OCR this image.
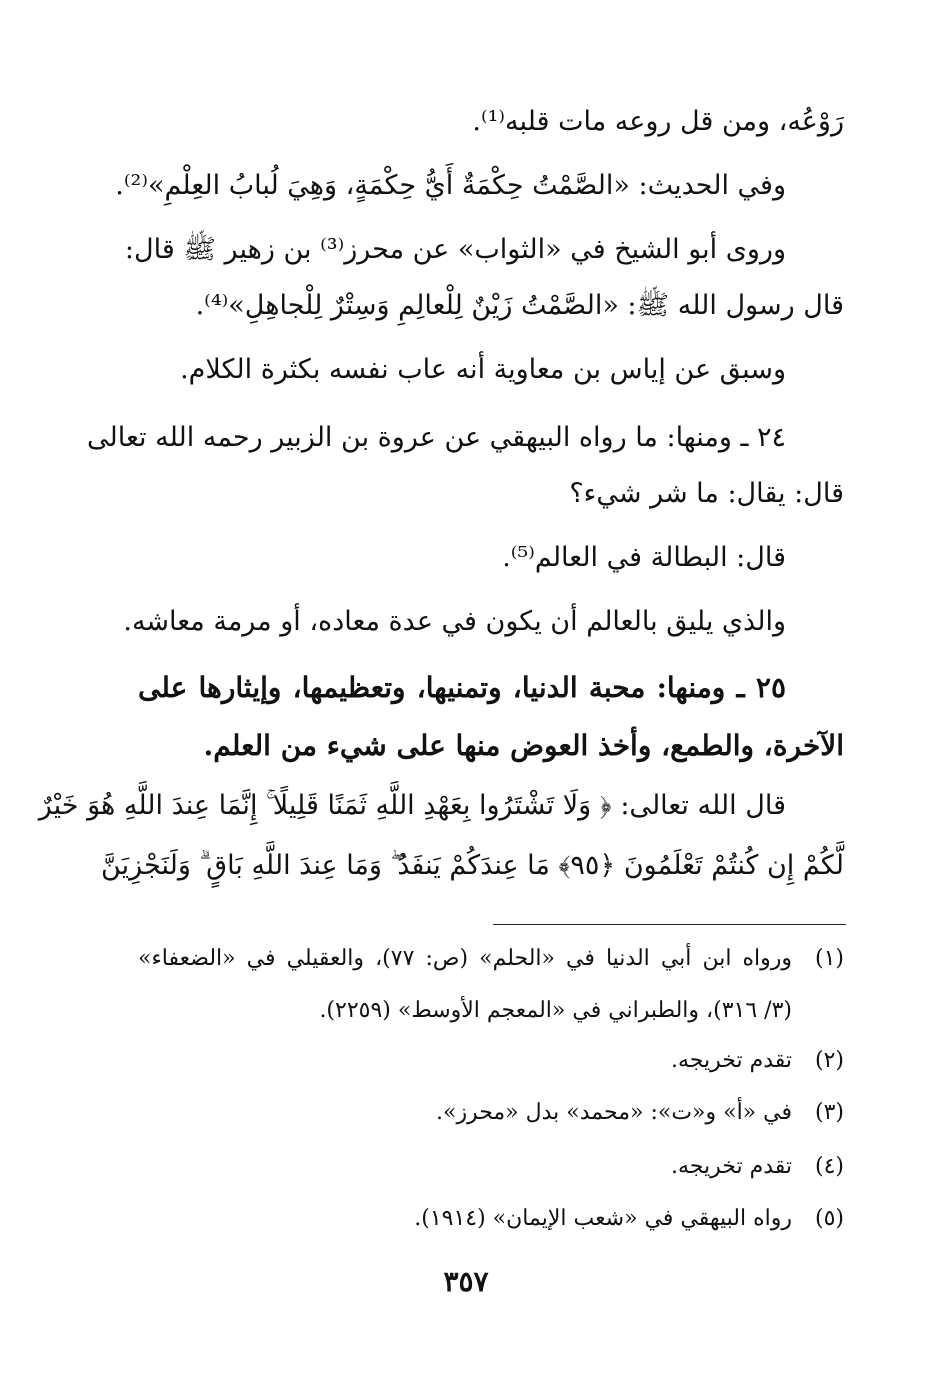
رَوْعُه، ومن قل روعه مات قلبه⁽¹⁾.
وفي الحديث: «الصَّمْتُ حِكْمَةٌ أَيُّ حِكْمَةٍ، وَهِيَ لُبابُ العِلْمِ»⁽²⁾.
وروى أبو الشيخ في «الثواب» عن محرز⁽³⁾ بن زهير ﷺ قال:
قال رسول الله ﷺ: «الصَّمْتُ زَيْنٌ لِلْعالِمِ وَسِتْرٌ لِلْجاهِلِ»⁽⁴⁾.
وسبق عن إياس بن معاوية أنه عاب نفسه بكثرة الكلام.
٢٤ ـ ومنها: ما رواه البيهقي عن عروة بن الزبير رحمه الله تعالى
قال: يقال: ما شر شيء؟
قال: البطالة في العالم⁽⁵⁾.
والذي يليق بالعالم أن يكون في عدة معاده، أو مرمة معاشه.
٢٥ ـ ومنها: محبة الدنيا، وتمنيها، وتعظيمها، وإيثارها على
الآخرة، والطمع، وأخذ العوض منها على شيء من العلم.
قال الله تعالى: ﴿ وَلَا تَشْتَرُوا بِعَهْدِ اللَّهِ ثَمَنًا قَلِيلًا ۚ إِنَّمَا عِندَ اللَّهِ هُوَ خَيْرٌ
لَّكُمْ إِن كُنتُمْ تَعْلَمُونَ ﴿٩٥﴾ مَا عِندَكُمْ يَنفَدُ ۖ وَمَا عِندَ اللَّهِ بَاقٍ ۗ وَلَنَجْزِيَنَّ
(١)
ورواه ابن أبي الدنيا في «الحلم» (ص: ٧٧)، والعقيلي في «الضعفاء»
(٣/ ٣١٦)، والطبراني في «المعجم الأوسط» (٢٢٥٩).
(٢)
تقدم تخريجه.
(٣)
في «أ» و«ت»: «محمد» بدل «محرز».
(٤)
تقدم تخريجه.
(٥)
رواه البيهقي في «شعب الإيمان» (١٩١٤).
٣٥٧
